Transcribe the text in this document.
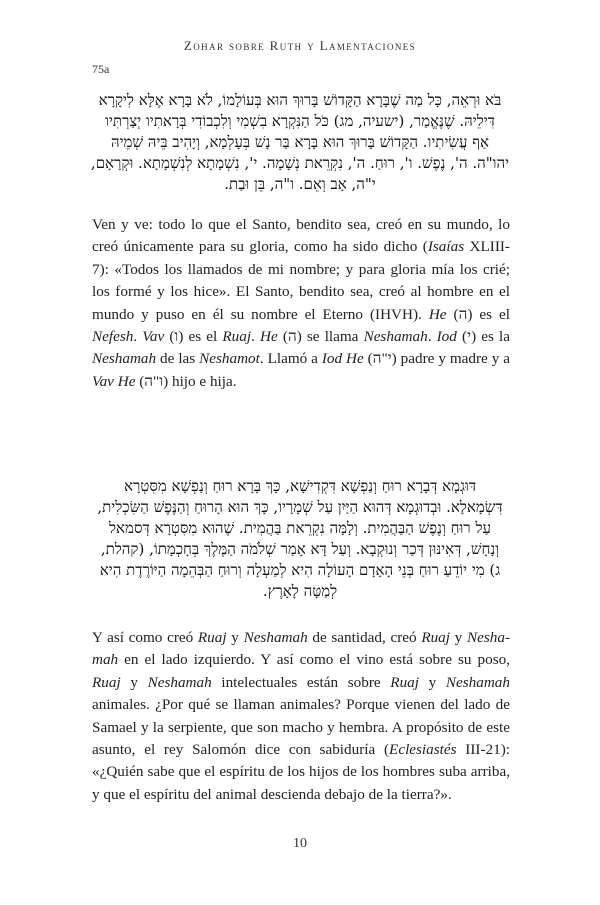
Zohar sobre Ruth y Lamentaciones
75a
בֹּא וּרְאֵה, כָּל מַה שֶׁבָּרָא הַקָּדוֹשׁ בָּרוּךְ הוּא בְּעוֹלָמוֹ, לֹא בָּרָא אֶלָּא לִיקָרָא
דִּילֵיהּ. שֶׁנֶּאֱמַר, (ישעיה, מג) כֹּל הַנִּקְרָא בִשְׁמִי וְלִכְבוֹדִי בְּרָאתִיו יְצַרְתִּיו
אַף עֲשִׂיתִיו. הַקָּדוֹשׁ בָּרוּךְ הוּא בָּרָא בַּר נָשׁ בְּעָלְמָא, וְיָהִיב בֵּיהּ שְׁמֵיהּ
יהו"ה. ה', נֶפֶשׁ. ו', רוּחַ. ה', נִקְרֵאת נְשָׁמָה. י', נִשְׁמָתָא לְנִשְׁמָתָא. וּקְרָאָם,
י"ה, אָב וְאֵם. ו"ה, בֵּן וּבַת.
Ven y ve: todo lo que el Santo, bendito sea, creó en su mundo, lo creó únicamente para su gloria, como ha sido dicho (Isaías XLIII-7): «Todos los llamados de mi nombre; y para gloria mía los crié; los formé y los hice». El Santo, bendito sea, creó al hombre en el mundo y puso en él su nombre el Eterno (IHVH). He (ה) es el Nefesh. Vav (ו) es el Ruaj. He (ה) se llama Neshamah. Iod (י) es la Neshamah de las Neshamot. Llamó a Iod He (י"ה) padre y madre y a Vav He (ו"ה) hijo e hija.
דּוּגְמָא דְּבָרָא רוּחַ וְנַפְשָׁא דִּקְדִישָׁא, כָּךְ בָּרָא רוּחַ וְנַפְשָׁא מִסִּטְרָא
דִּשְׂמָאלָא. וּבְדוּגְמָא דְּהוּא הַיַּיִן עַל שְׁמָרָיו, כָּךְ הוּא הָרוּחַ וְהַנֶּפֶשׁ הַשִּׂכְלִית,
עַל רוּחַ וְנֶפֶשׁ הַבַּהֲמִית. וְלָמָּה נִקְרֵאת בַּהֲמִית. שֶׁהוּא מִסִּטְרָא דְּסמאל
וְנָחָשׁ, דְּאִינּוּן דְּכַר וְנוּקְבָא. וְעַל דָּא אָמַר שְׁלֹמֹה הַמֶּלֶךְ בְּחָכְמָתוֹ, (קהלת,
ג) מִי יוֹדֵעַ רוּחַ בְּנֵי הָאָדָם הָעוֹלָה הִיא לְמַעְלָה וְרוּחַ הַבְּהֵמָה הַיּוֹרֶדֶת הִיא
לְמַטָּה לָאָרֶץ.
Y así como creó Ruaj y Neshamah de santidad, creó Ruaj y Neshamah en el lado izquierdo. Y así como el vino está sobre su poso, Ruaj y Neshamah intelectuales están sobre Ruaj y Neshamah animales. ¿Por qué se llaman animales? Porque vienen del lado de Samael y la serpiente, que son macho y hembra. A propósito de este asunto, el rey Salomón dice con sabiduría (Eclesiastés III-21): «¿Quién sabe que el espíritu de los hijos de los hombres suba arriba, y que el espíritu del animal descienda debajo de la tierra?».
10
